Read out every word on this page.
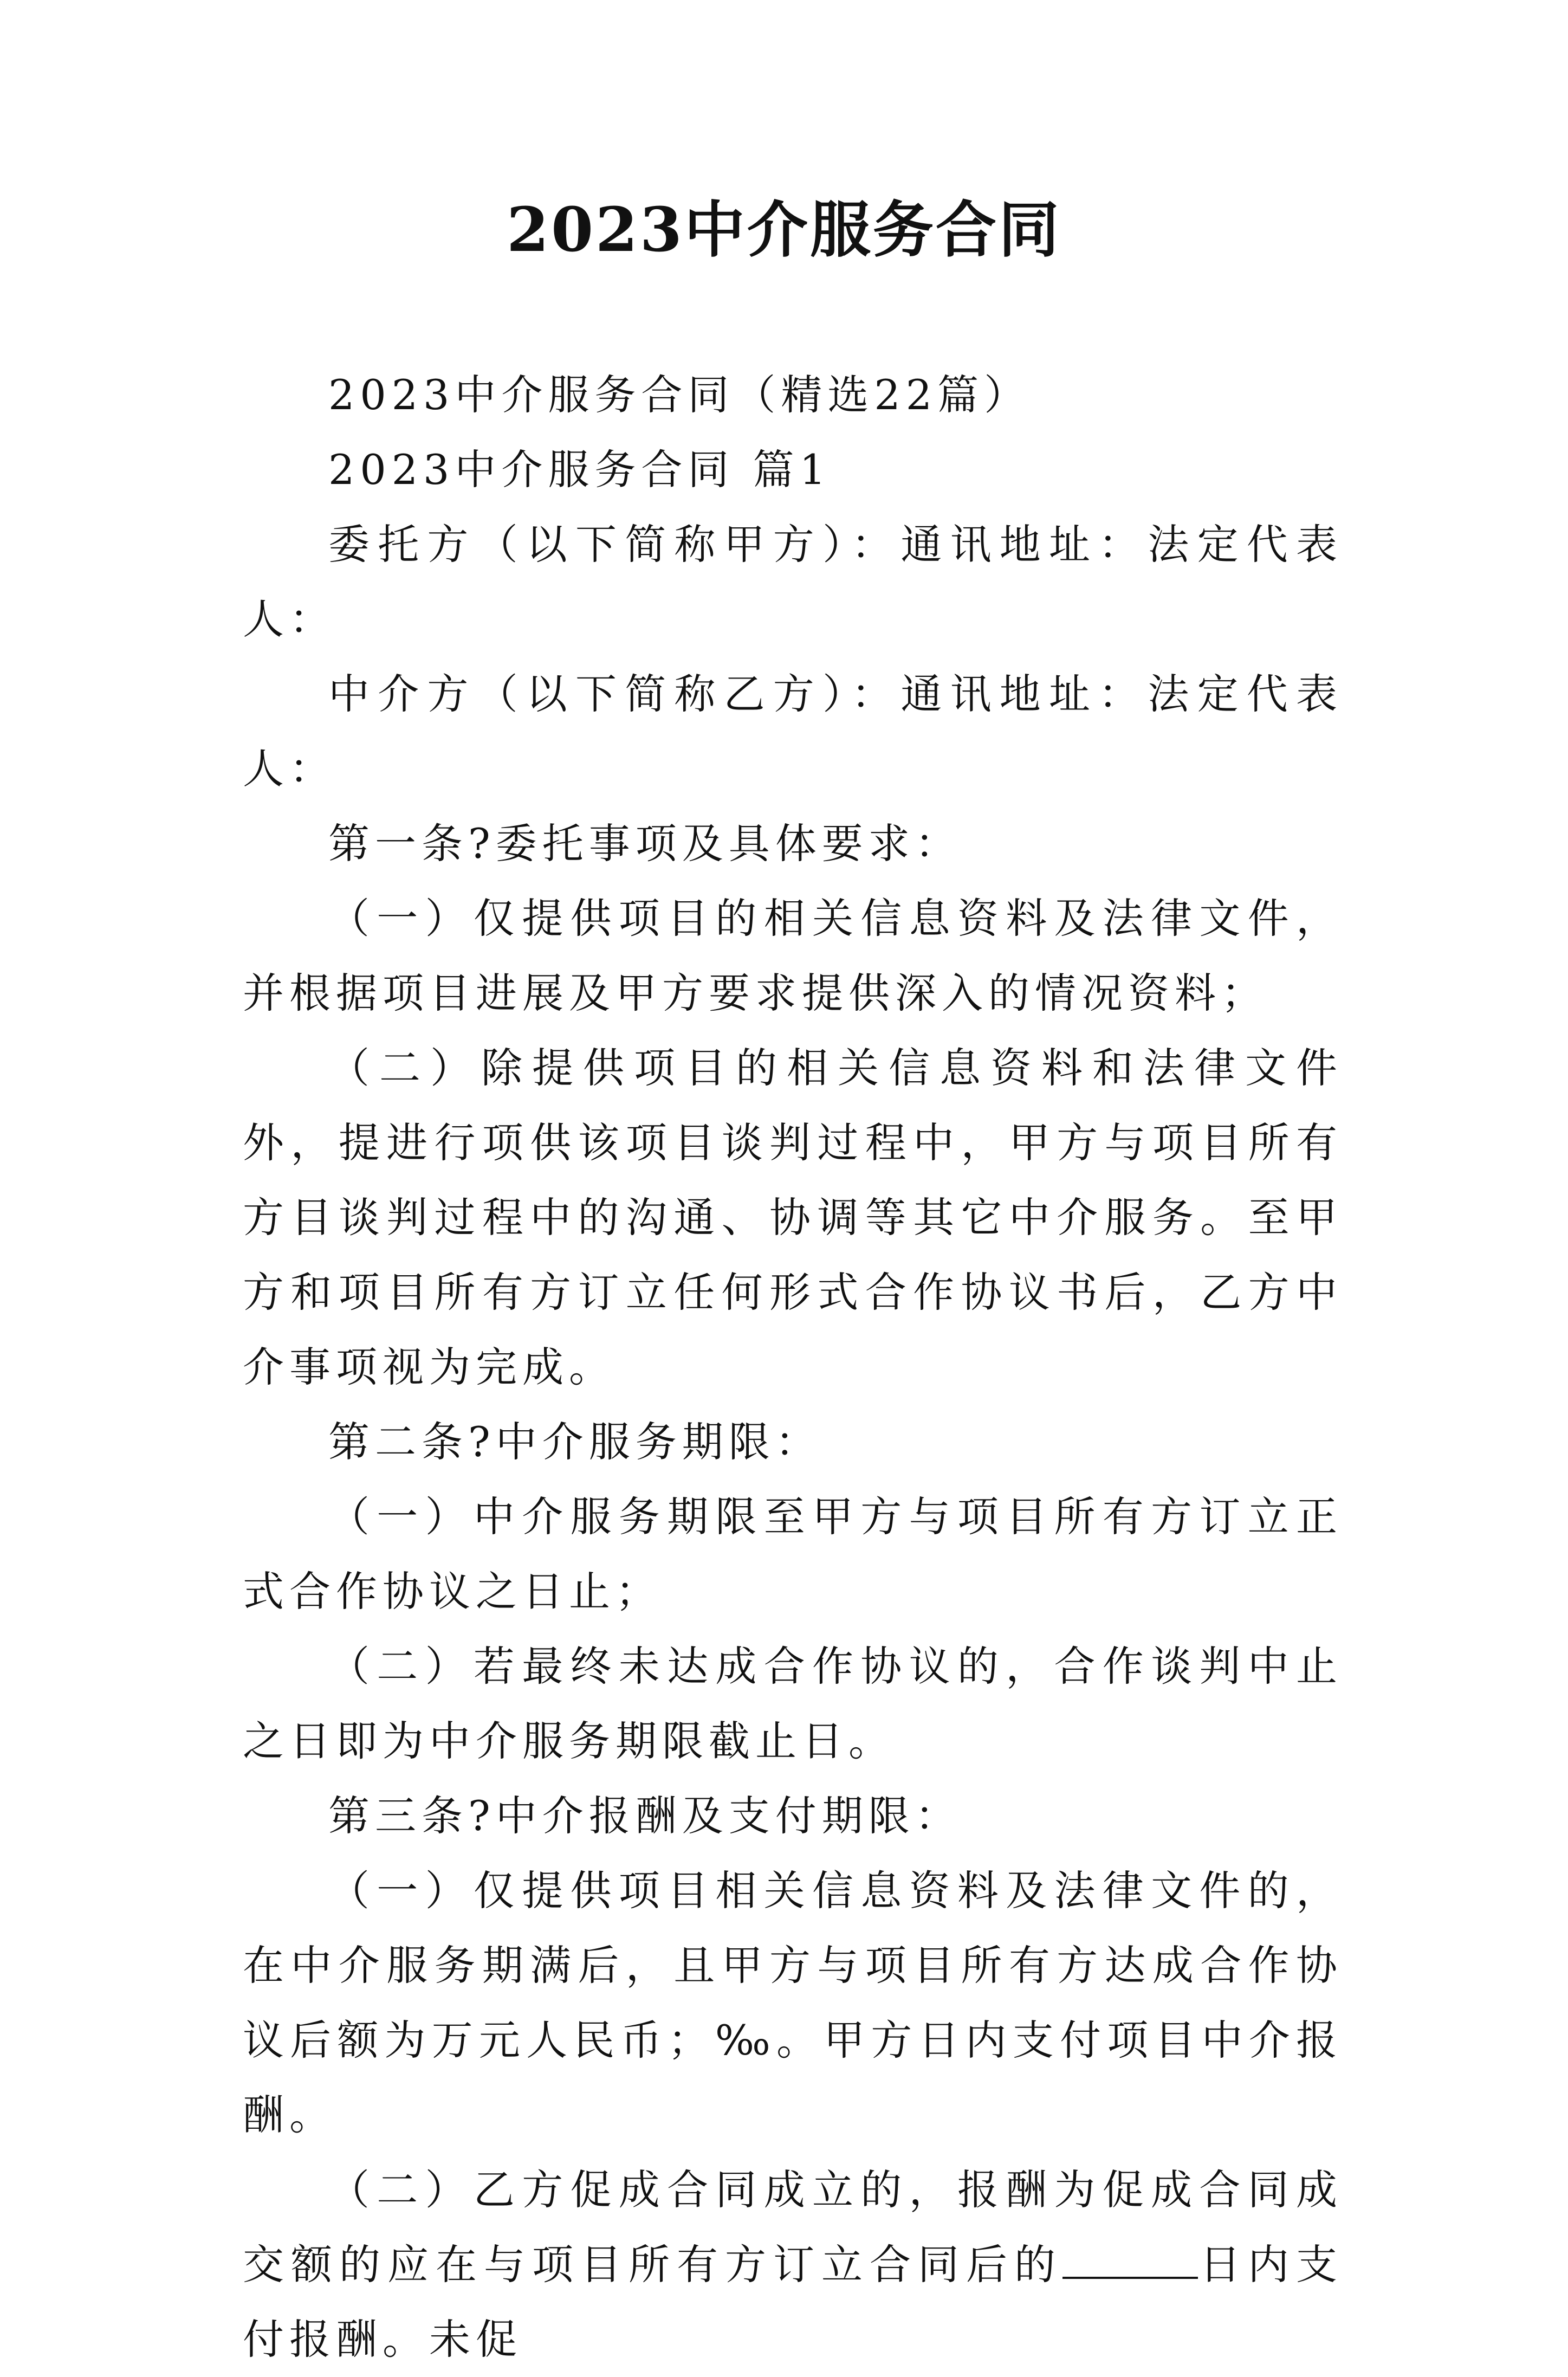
2023中介服务合同

2023中介服务合同（精选22篇）

2023中介服务合同 篇1

委托方（以下简称甲方）：通讯地址：法定代表人：

中介方（以下简称乙方）：通讯地址：法定代表人：

第一条?委托事项及具体要求：

（一）仅提供项目的相关信息资料及法律文件，并根据项目进展及甲方要求提供深入的情况资料；

（二）除提供项目的相关信息资料和法律文件外，提进行项供该项目谈判过程中，甲方与项目所有方目谈判过程中的沟通、协调等其它中介服务。至甲方和项目所有方订立任何形式合作协议书后，乙方中介事项视为完成。

第二条?中介服务期限：

（一）中介服务期限至甲方与项目所有方订立正式合作协议之日止；

（二）若最终未达成合作协议的，合作谈判中止之日即为中介服务期限截止日。

第三条?中介报酬及支付期限：

（一）仅提供项目相关信息资料及法律文件的，在中介服务期满后，且甲方与项目所有方达成合作协议后额为万元人民币；‰。甲方日内支付项目中介报酬。

（二）乙方促成合同成立的，报酬为促成合同成交额的应在与项目所有方订立合同后的	日内支付报酬。未促
